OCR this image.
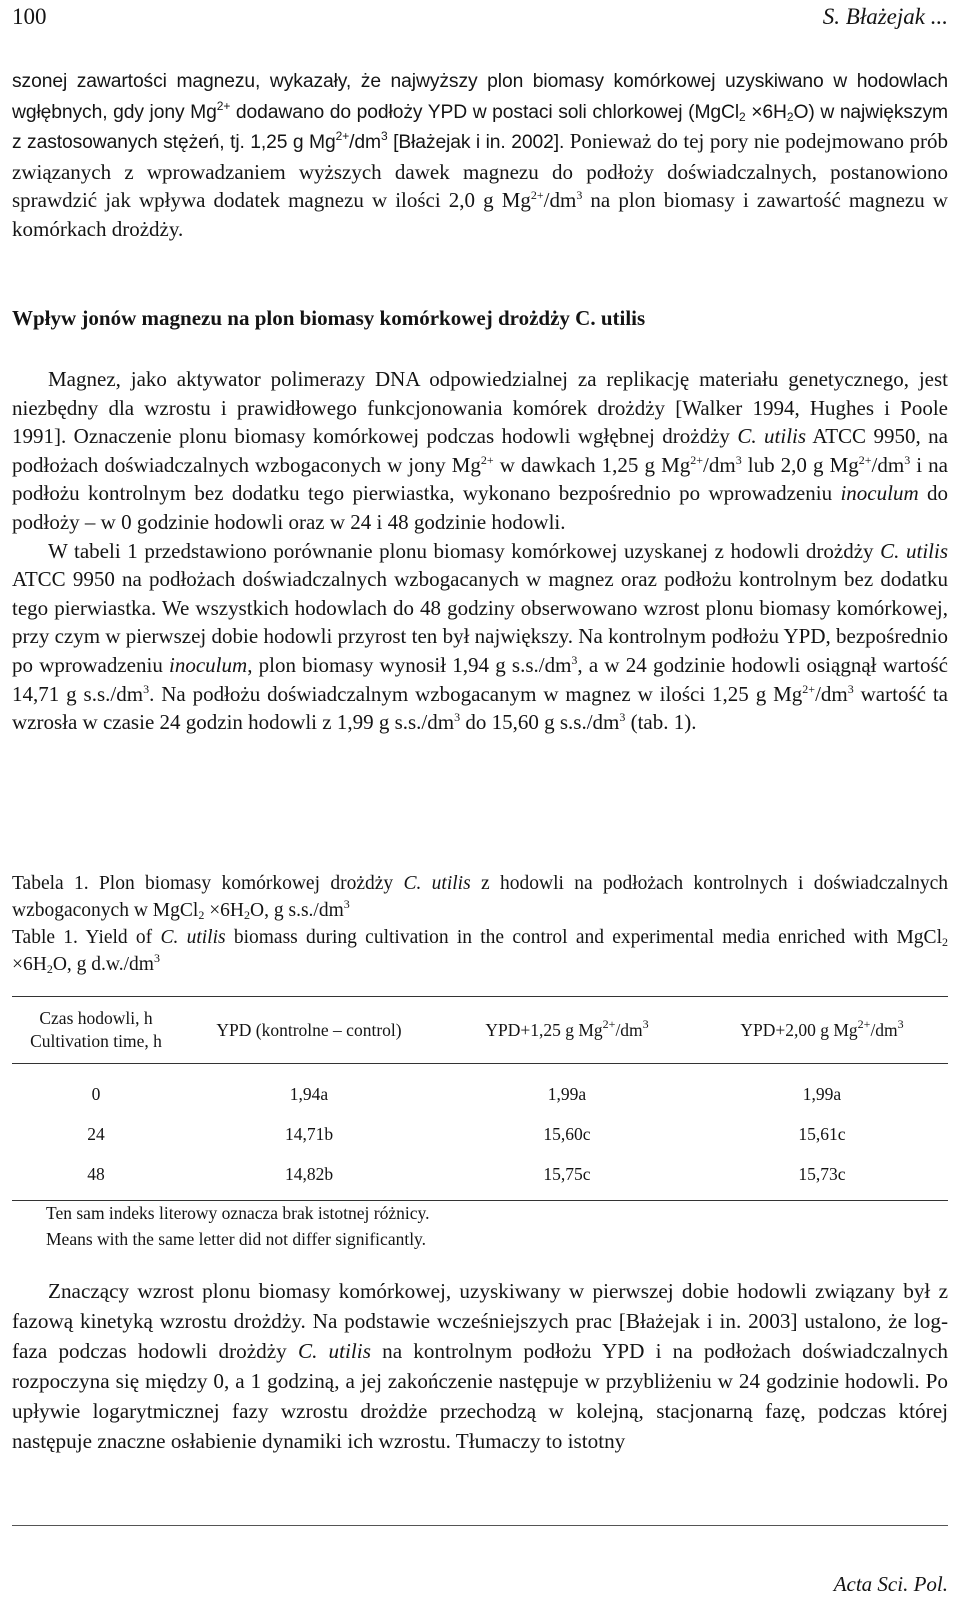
100	S. Błażejak ...

szonej zawartości magnezu, wykazały, że najwyższy plon biomasy komórkowej uzyskiwano w hodowlach wgłębnych, gdy jony $Mg^{2+}$ dodawano do podłoży YPD w postaci soli chlorkowej (MgCl$_2$ $\times 6H_2O$) w największym z zastosowanych stężeń, tj. 1,25 g $Mg^{2+}/dm^3$ [Błażejak i in. 2002]. Ponieważ do tej pory nie podejmowano prób związanych z wprowadzaniem wyższych dawek magnezu do podłoży doświadczalnych, postanowiono sprawdzić jak wpływa dodatek magnezu w ilości 2,0 g $Mg^{2+}/dm^3$ na plon biomasy i zawartość magnezu w komórkach drożdży.

Wpływ jonów magnezu na plon biomasy komórkowej drożdży C. utilis

Magnez, jako aktywator polimerazy DNA odpowiedzialnej za replikację materiału genetycznego, jest niezbędny dla wzrostu i prawidłowego funkcjonowania komórek drożdży [Walker 1994, Hughes i Poole 1991]. Oznaczenie plonu biomasy komórkowej podczas hodowli wgłębnej drożdży C. utilis ATCC 9950, na podłożach doświadczalnych wzbogaconych w jony $Mg^{2+}$ w dawkach 1,25 g $Mg^{2+}/dm^3$ lub 2,0 g $Mg^{2+}/dm^3$ i na podłożu kontrolnym bez dodatku tego pierwiastka, wykonano bezpośrednio po wprowadzeniu inoculum do podłoży – w 0 godzinie hodowli oraz w 24 i 48 godzinie hodowli.

W tabeli 1 przedstawiono porównanie plonu biomasy komórkowej uzyskanej z hodowli drożdży C. utilis ATCC 9950 na podłożach doświadczalnych wzbogacanych w magnez oraz podłożu kontrolnym bez dodatku tego pierwiastka. We wszystkich hodowlach do 48 godziny obserwowano wzrost plonu biomasy komórkowej, przy czym w pierwszej dobie hodowli przyrost ten był największy. Na kontrolnym podłożu YPD, bezpośrednio po wprowadzeniu inoculum, plon biomasy wynosił 1,94 g $s.s./dm^3$, a w 24 godzinie hodowli osiągnął wartość 14,71 g $s.s./dm^3$. Na podłożu doświadczalnym wzbogacanym w magnez w ilości 1,25 g $Mg^{2+}/dm^3$ wartość ta wzrosła w czasie 24 godzin hodowli z 1,99 g $s.s./dm^3$ do 15,60 g $s.s./dm^3$ (tab. 1).

Tabela 1. Plon biomasy komórkowej drożdży C. utilis z hodowli na podłożach kontrolnych i doświadczalnych wzbogaconych w MgCl$_2$ $\times 6H_2O$, g $s.s./dm^3$

Table 1. Yield of C. utilis biomass during cultivation in the control and experimental media enriched with MgCl$_2$ $\times 6H_2O$, g $d.w./dm^3$

Czas hodowli, h
Cultivation time, h	YPD (kontrolne – control)	YPD+1,25 g $Mg^{2+}/dm^3$	YPD+2,00 g $Mg^{2+}/dm^3$
0	1,94a	1,99a	1,99a
24	14,71b	15,60c	15,61c
48	14,82b	15,75c	15,73c

Ten sam indeks literowy oznacza brak istotnej różnicy.

Means with the same letter did not differ significantly.

Znaczący wzrost plonu biomasy komórkowej, uzyskiwany w pierwszej dobie hodowli związany był z fazową kinetyką wzrostu drożdży. Na podstawie wcześniejszych prac [Błażejak i in. 2003] ustalono, że log-faza podczas hodowli drożdży C. utilis na kontrolnym podłożu YPD i na podłożach doświadczalnych rozpoczyna się między 0, a 1 godziną, a jej zakończenie następuje w przybliżeniu w 24 godzinie hodowli. Po upływie logarytmicznej fazy wzrostu drożdże przechodzą w kolejną, stacjonarną fazę, podczas której następuje znaczne osłabienie dynamiki ich wzrostu. Tłumaczy to istotny

Acta Sci. Pol.
